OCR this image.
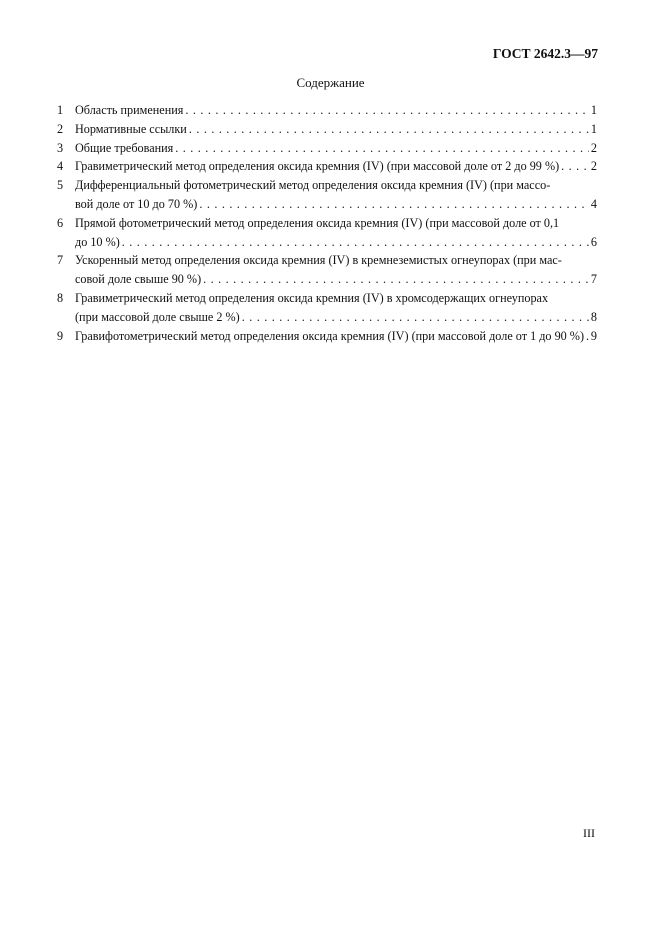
ГОСТ 2642.3—97
Содержание
1 Область применения . . .	1
2 Нормативные ссылки . . .	1
3 Общие требования . . .	2
4 Гравиметрический метод определения оксида кремния (IV) (при массовой доле от 2 до 99 %) . . .	2
5 Дифференциальный фотометрический метод определения оксида кремния (IV) (при массо-
вой доле от 10 до 70 %) . . .	4
6 Прямой фотометрический метод определения оксида кремния (IV) (при массовой доле от 0,1
до 10 %) . . .	6
7 Ускоренный метод определения оксида кремния (IV) в кремнеземистых огнеупорах (при мас-
совой доле свыше 90 %) . . .	7
8 Гравиметрический метод определения оксида кремния (IV) в хромсодержащих огнеупорах
(при массовой доле свыше 2 %) . . .	8
9 Гравифотометрический метод определения оксида кремния (IV) (при массовой доле от 1 до 90 %) . . . 9
III
